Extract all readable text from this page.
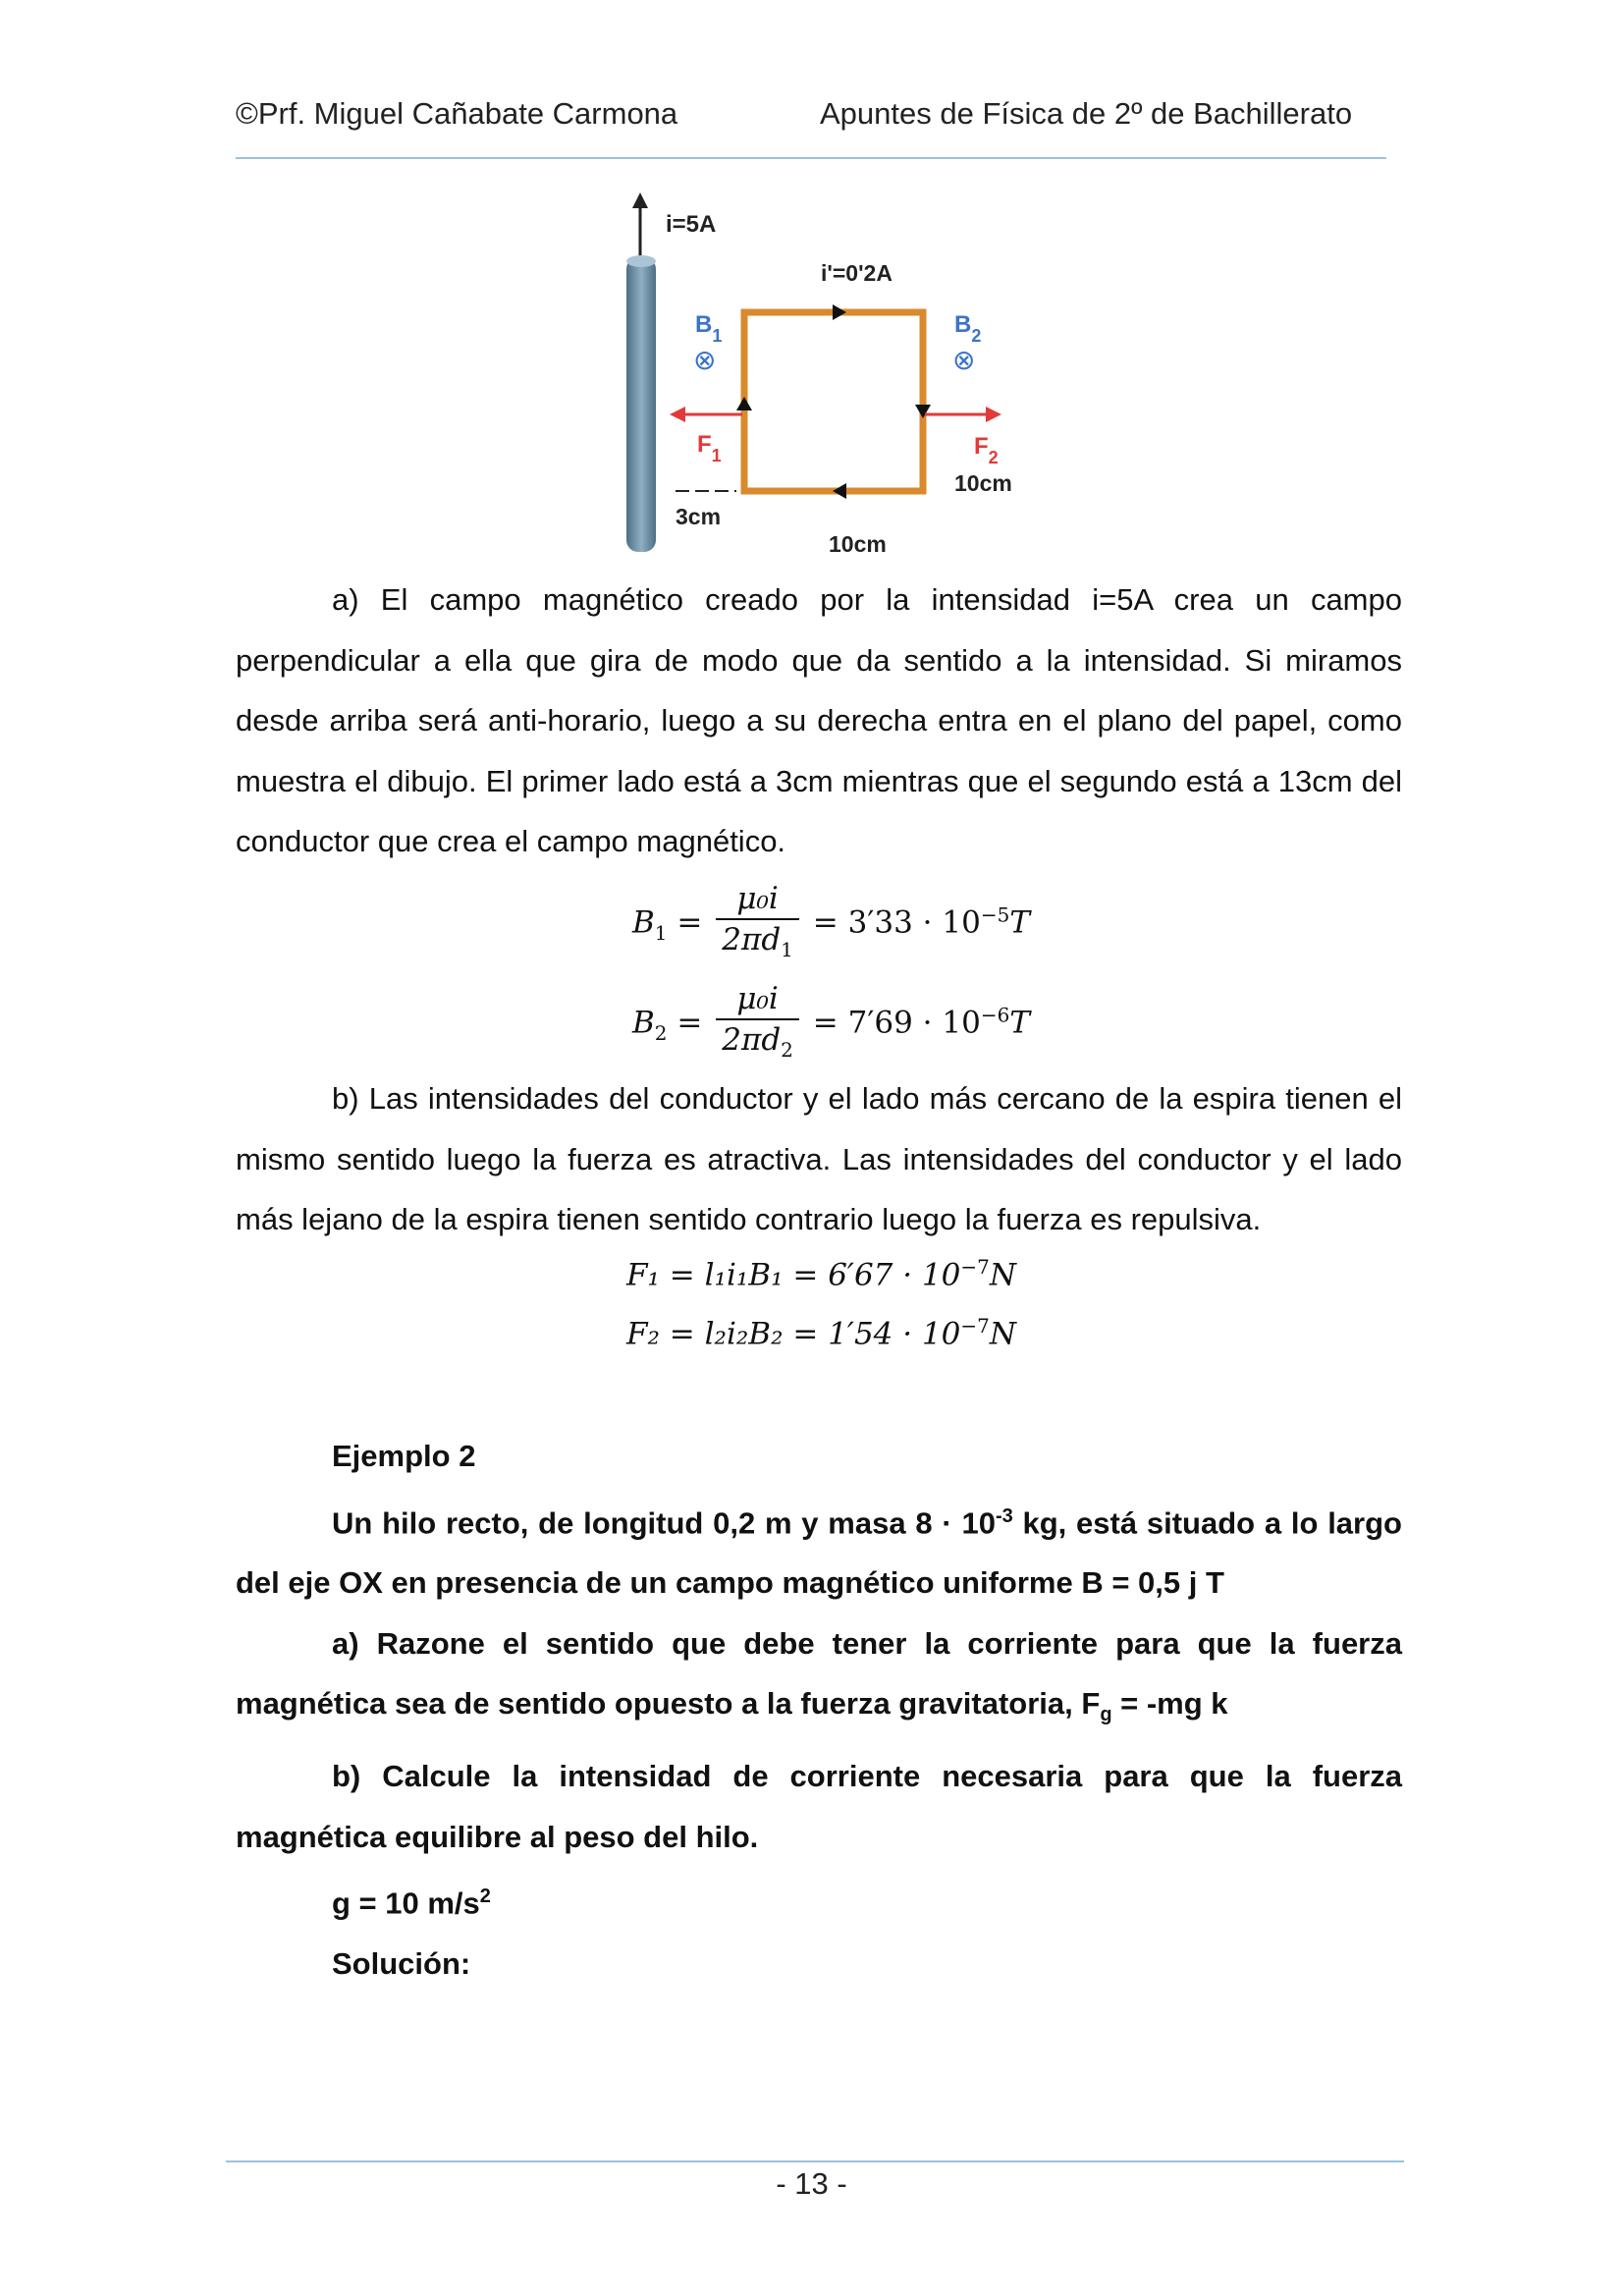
©Prf. Miguel Cañabate Carmona	Apuntes de Física de 2º de Bachillerato
i=5A
i'=0'2A
$B_1$
⊗
$B_2$
⊗
$F_1$	$F_2$
3cm
10cm
10cm

a) El campo magnético creado por la intensidad i=5A crea un campo perpendicular a ella que gira de modo que da sentido a la intensidad. Si miramos desde arriba será anti-horario, luego a su derecha entra en el plano del papel, como muestra el dibujo. El primer lado está a 3cm mientras que el segundo está a 13cm del conductor que crea el campo magnético.

$B_1 = \frac{\text{μ₀i}}{2\pi d_1} = 3'33 \cdot 10^{-5}T$
$B_2 = \frac{\text{μ₀i}}{2\pi d_2} = 7'69 \cdot 10^{-6}T$

b) Las intensidades del conductor y el lado más cercano de la espira tienen el mismo sentido luego la fuerza es atractiva. Las intensidades del conductor y el lado más lejano de la espira tienen sentido contrario luego la fuerza es repulsiva.

$F_1 = l_1i_1B_1 = 6'67 \cdot 10^{-7}N$
$F_2 = l_2i_2B_2 = 1'54 \cdot 10^{-7}N$

Ejemplo 2

Un hilo recto, de longitud 0,2 m y masa $8 \cdot 10^{-3}$ kg, está situado a lo largo del eje OX en presencia de un campo magnético uniforme B = 0,5 j T

a) Razone el sentido que debe tener la corriente para que la fuerza magnética sea de sentido opuesto a la fuerza gravitatoria, $F_g = -mg$ k

b) Calcule la intensidad de corriente necesaria para que la fuerza magnética equilibre al peso del hilo.

g = 10 $m/s^2$

Solución:

- 13 -
